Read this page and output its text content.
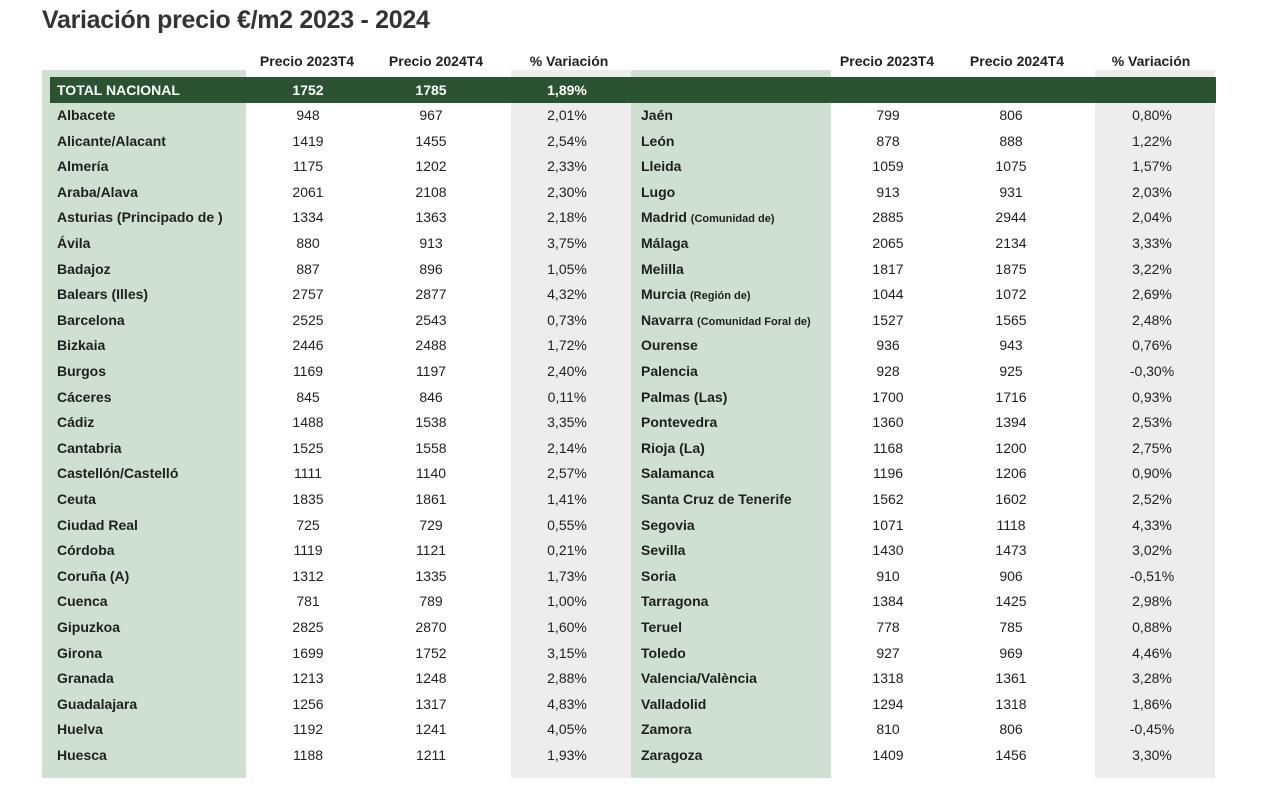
Variación precio €/m2 2023 - 2024
Precio 2023T4	Precio 2024T4	% Variación	Precio 2023T4	Precio 2024T4	% Variación
TOTAL NACIONAL	1752	1785	1,89%
Albacete	948	967	2,01%
Alicante/Alacant	1419	1455	2,54%
Almería	1175	1202	2,33%
Araba/Alava	2061	2108	2,30%
Asturias (Principado de )	1334	1363	2,18%
Ávila	880	913	3,75%
Badajoz	887	896	1,05%
Balears (Illes)	2757	2877	4,32%
Barcelona	2525	2543	0,73%
Bizkaia	2446	2488	1,72%
Burgos	1169	1197	2,40%
Cáceres	845	846	0,11%
Cádiz	1488	1538	3,35%
Cantabria	1525	1558	2,14%
Castellón/Castelló	1111	1140	2,57%
Ceuta	1835	1861	1,41%
Ciudad Real	725	729	0,55%
Córdoba	1119	1121	0,21%
Coruña (A)	1312	1335	1,73%
Cuenca	781	789	1,00%
Gipuzkoa	2825	2870	1,60%
Girona	1699	1752	3,15%
Granada	1213	1248	2,88%
Guadalajara	1256	1317	4,83%
Huelva	1192	1241	4,05%
Huesca	1188	1211	1,93%
Jaén	799	806	0,80%
León	878	888	1,22%
Lleida	1059	1075	1,57%
Lugo	913	931	2,03%
Madrid (Comunidad de)	2885	2944	2,04%
Málaga	2065	2134	3,33%
Melilla	1817	1875	3,22%
Murcia (Región de)	1044	1072	2,69%
Navarra (Comunidad Foral de)	1527	1565	2,48%
Ourense	936	943	0,76%
Palencia	928	925	-0,30%
Palmas (Las)	1700	1716	0,93%
Pontevedra	1360	1394	2,53%
Rioja (La)	1168	1200	2,75%
Salamanca	1196	1206	0,90%
Santa Cruz de Tenerife	1562	1602	2,52%
Segovia	1071	1118	4,33%
Sevilla	1430	1473	3,02%
Soria	910	906	-0,51%
Tarragona	1384	1425	2,98%
Teruel	778	785	0,88%
Toledo	927	969	4,46%
Valencia/València	1318	1361	3,28%
Valladolid	1294	1318	1,86%
Zamora	810	806	-0,45%
Zaragoza	1409	1456	3,30%
